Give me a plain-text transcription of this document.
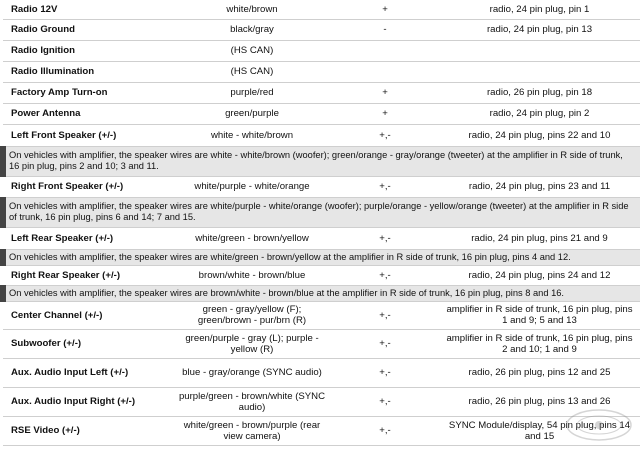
Radio 12V	white/brown	+	radio, 24 pin plug, pin 1
Radio Ground	black/gray	-	radio, 24 pin plug, pin 13
Radio Ignition	(HS CAN)		
Radio Illumination	(HS CAN)		
Factory Amp Turn-on	purple/red	+	radio, 26 pin plug, pin 18
Power Antenna	green/purple	+	radio, 24 pin plug, pin 2
Left Front Speaker (+/-)	white - white/brown	+,-	radio, 24 pin plug, pins 22 and 10
On vehicles with amplifier, the speaker wires are white - white/brown (woofer); green/orange - gray/orange (tweeter) at the amplifier in R side of trunk, 16 pin plug, pins 2 and 10; 3 and 11.			
Right Front Speaker (+/-)	white/purple - white/orange	+,-	radio, 24 pin plug, pins 23 and 11
On vehicles with amplifier, the speaker wires are white/purple - white/orange (woofer); purple/orange - yellow/orange (tweeter) at the amplifier in R side of trunk, 16 pin plug, pins 6 and 14; 7 and 15.			
Left Rear Speaker (+/-)	white/green - brown/yellow	+,-	radio, 24 pin plug, pins 21 and 9
On vehicles with amplifier, the speaker wires are white/green - brown/yellow at the amplifier in R side of trunk, 16 pin plug, pins 4 and 12.			
Right Rear Speaker (+/-)	brown/white - brown/blue	+,-	radio, 24 pin plug, pins 24 and 12
On vehicles with amplifier, the speaker wires are brown/white - brown/blue at the amplifier in R side of trunk, 16 pin plug, pins 8 and 16.			
Center Channel (+/-)	green - gray/yellow (F); green/brown - pur/brn (R)	+,-	amplifier in R side of trunk, 16 pin plug, pins 1 and 9; 5 and 13
Subwoofer (+/-)	green/purple - gray (L); purple - yellow (R)	+,-	amplifier in R side of trunk, 16 pin plug, pins 2 and 10; 1 and 9
Aux. Audio Input Left (+/-)	blue - gray/orange (SYNC audio)	+,-	radio, 26 pin plug, pins 12 and 25
Aux. Audio Input Right (+/-)	purple/green - brown/white (SYNC audio)	+,-	radio, 26 pin plug, pins 13 and 26
RSE Video (+/-)	white/green - brown/purple (rear view camera)	+,-	SYNC Module/display, 54 pin plug, pins 14 and 15
